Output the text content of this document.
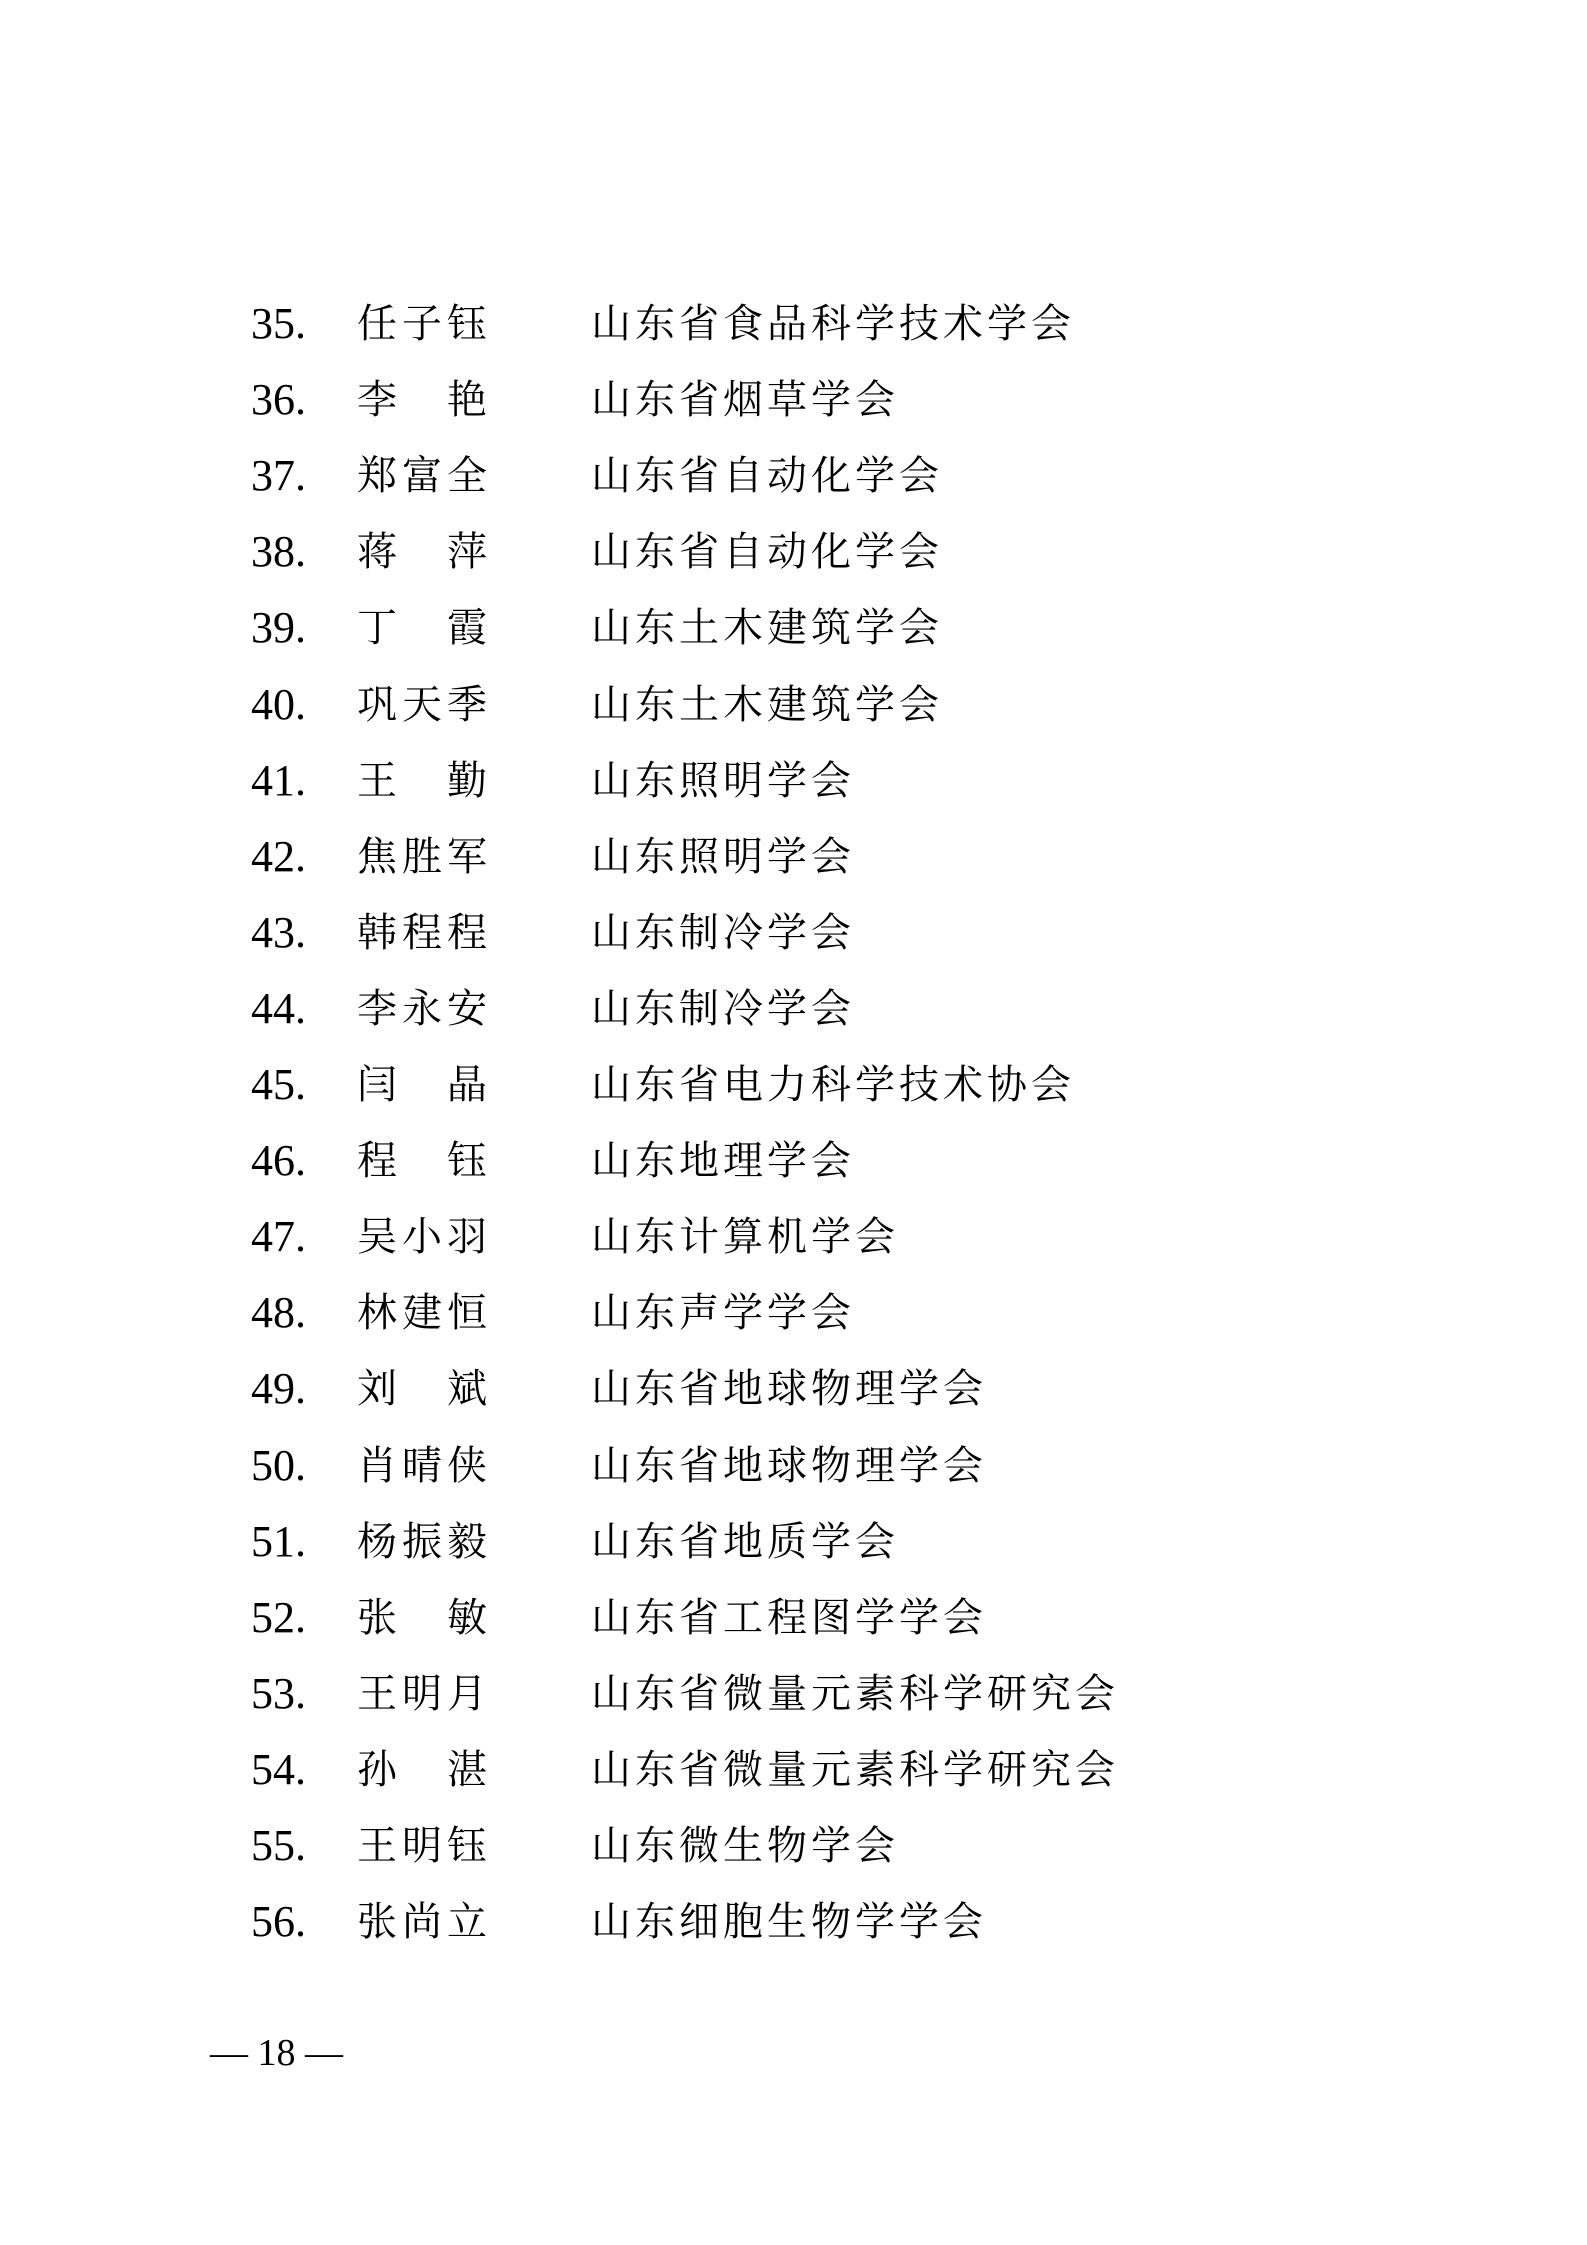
35. 任子钰 山东省食品科学技术学会
36. 李 艳	山东省烟草学会
37. 郑富全 山东省自动化学会
38. 蒋 萍	山东省自动化学会
39. 丁 霞	山东土木建筑学会
40. 巩天季 山东土木建筑学会
41. 王 勤	山东照明学会
42. 焦胜军 山东照明学会
43. 韩程程 山东制冷学会
44. 李永安 山东制冷学会
45. 闫 晶	山东省电力科学技术协会
46. 程 钰	山东地理学会
47. 吴小羽 山东计算机学会
48. 林建恒 山东声学学会
49. 刘 斌	山东省地球物理学会
50. 肖晴侠 山东省地球物理学会
51. 杨振毅 山东省地质学会
52. 张 敏	山东省工程图学学会
53. 王明月 山东省微量元素科学研究会
54. 孙 湛	山东省微量元素科学研究会
55. 王明钰 山东微生物学会
56. 张尚立 山东细胞生物学学会
— 18 —
